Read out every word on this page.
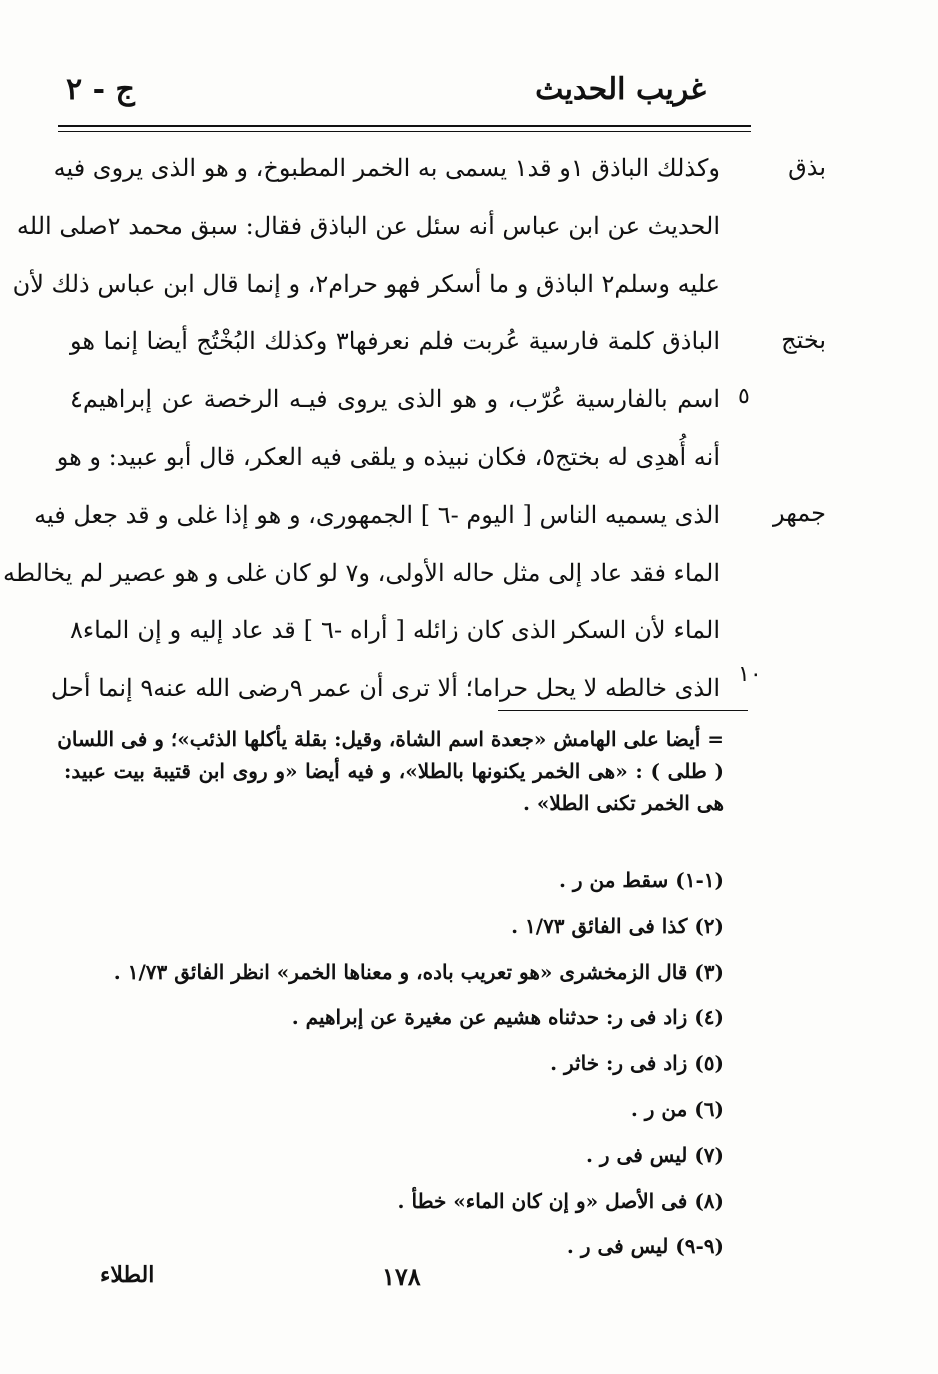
غريب الحديث
ج - ٢
بذق
بختج
جمهر
٥
١٠
وكذلك الباذق ١و قد١ يسمى به الخمر المطبوخ، و هو الذى يروى فيه
الحديث عن ابن عباس أنه سئل عن الباذق فقال: سبق محمد ٢صلى الله
عليه وسلم٢ الباذق و ما أسكر فهو حرام٢، و إنما قال ابن عباس ذلك لأن
الباذق كلمة فارسية عُربت فلم نعرفها٣ وكذلك البُخْتُج أيضا إنما هو
اسم بالفارسية عُرّب، و هو الذى يروى فيـه الرخصة عن إبراهيم٤
أنه أُهدِى له بختج٥، فكان نبيذه و يلقى فيه العكر، قال أبو عبيد: و هو
الذى يسميه الناس [ اليوم -٦ ] الجمهورى، و هو إذا غلى و قد جعل فيه
الماء فقد عاد إلى مثل حاله الأولى، و٧ لو كان غلى و هو عصير لم يخالطه
الماء لأن السكر الذى كان زائله [ أراه -٦ ] قد عاد إليه و إن الماء٨
الذى خالطه لا يحل حراما؛ ألا ترى أن عمر ٩رضى الله عنه٩ إنما أحل
= أيضا على الهامش «جعدة اسم الشاة، وقيل: بقلة يأكلها الذئب»؛ و فى اللسان
( طلى ) : «هى الخمر يكنونها بالطلا»، و فيه أيضا «و روى ابن قتيبة بيت عبيد:
هى الخمر تكنى الطلا» .
(١-١) سقط من ر .
(٢) كذا فى الفائق ١/٧٣ .
(٣) قال الزمخشرى «هو تعريب باده، و معناها الخمر» انظر الفائق ١/٧٣ .
(٤) زاد فى ر: حدثناه هشيم عن مغيرة عن إبراهيم .
(٥) زاد فى ر: خاثر .
(٦) من ر .
(٧) ليس فى ر .
(٨) فى الأصل «و إن كان الماء» خطأ .
(٩-٩) ليس فى ر .
١٧٨
الطلاء
